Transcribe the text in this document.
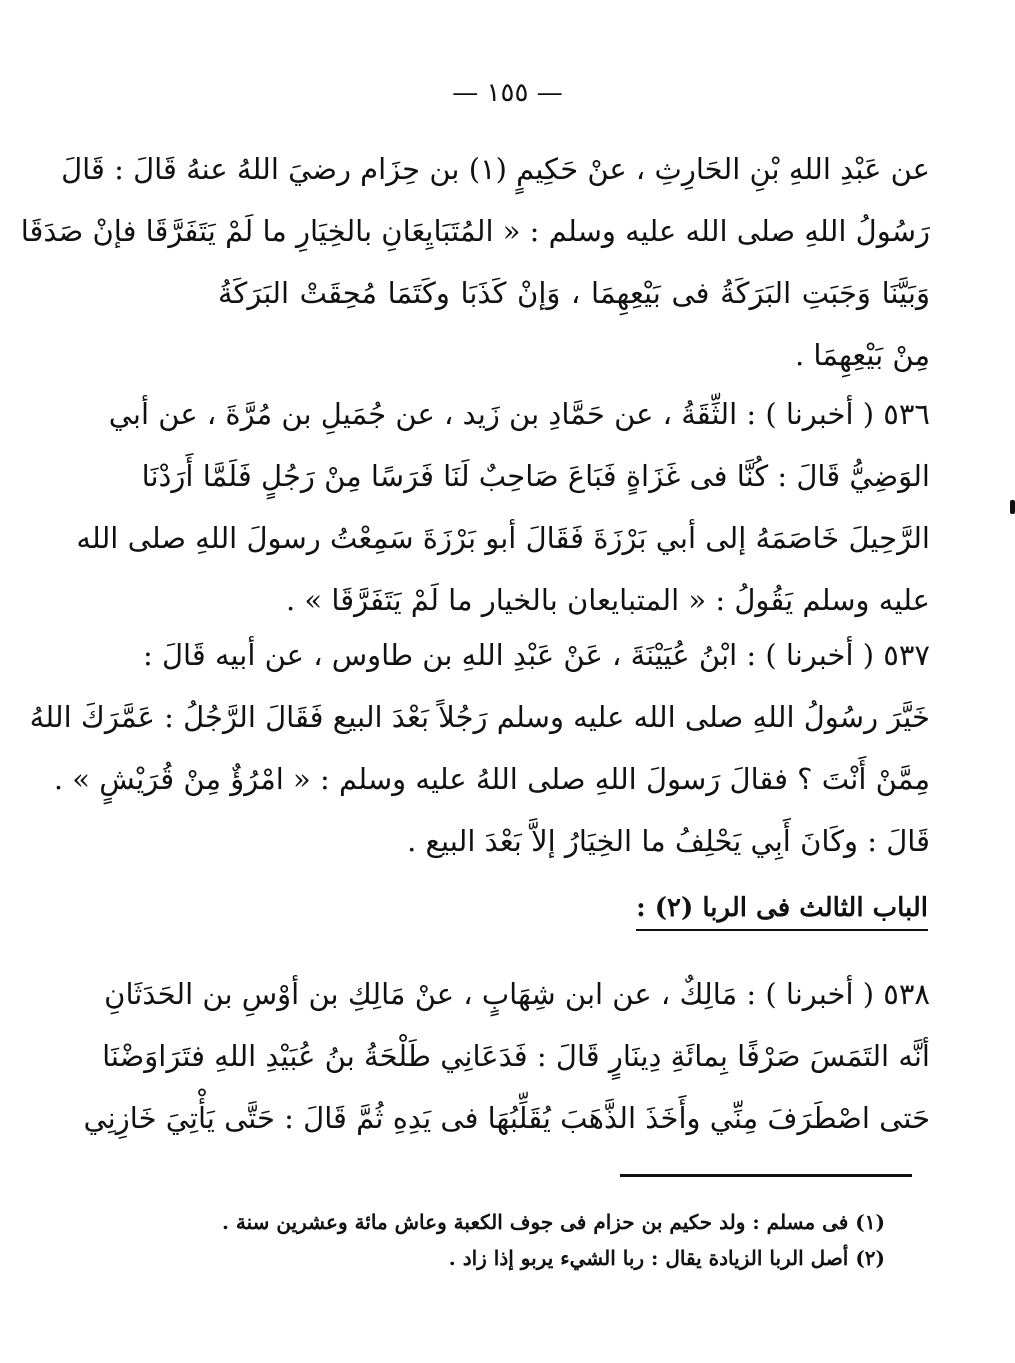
— ١٥٥ —
عن عَبْدِ اللهِ بْنِ الحَارِثِ ، عنْ حَكِيمٍ (١) بن حِزَام رضيَ اللهُ عنهُ قَالَ : قَالَ
رَسُولُ اللهِ صلى الله عليه وسلم : « المُتَبَايِعَانِ بالخِيَارِ ما لَمْ يَتَفَرَّقَا فإنْ صَدَقَا
وَبَيَّنَا وَجَبَتِ البَرَكَةُ فى بَيْعِهِمَا ، وَإنْ كَذَبَا وكَتَمَا مُحِقَتْ البَرَكَةُ
مِنْ بَيْعِهِمَا .
٥٣٦ ( أخبرنا ) : الثِّقَةُ ، عن حَمَّادِ بن زَيد ، عن جُمَيلِ بن مُرَّةَ ، عن أبي
الوَضِيُّ قَالَ : كُنَّا فى غَزَاةٍ فَبَاعَ صَاحِبٌ لَنَا فَرَسًا مِنْ رَجُلٍ فَلَمَّا أَرَدْنَا
الرَّحِيلَ خَاصَمَهُ إلى أبي بَرْزَةَ فَقَالَ أبو بَرْزَةَ سَمِعْتُ رسولَ اللهِ صلى الله
عليه وسلم يَقُولُ : « المتبايعان بالخيار ما لَمْ يَتَفَرَّقَا » .
٥٣٧ ( أخبرنا ) : ابْنُ عُيَيْنَةَ ، عَنْ عَبْدِ اللهِ بن طاوس ، عن أبيه قَالَ :
خَيَّرَ رسُولُ اللهِ صلى الله عليه وسلم رَجُلاً بَعْدَ البيع فَقَالَ الرَّجُلُ : عَمَّرَكَ اللهُ
مِمَّنْ أَنْتَ ؟ فقالَ رَسولَ اللهِ صلى اللهُ عليه وسلم : « امْرُؤٌ مِنْ قُرَيْشٍ » .
قَالَ : وكَانَ أَبِي يَحْلِفُ ما الخِيَارُ إلاَّ بَعْدَ البيع .
الباب الثالث فى الربا (٢) :
٥٣٨ ( أخبرنا ) : مَالِكٌ ، عن ابن شِهَابٍ ، عنْ مَالِكِ بن أوْسِ بن الحَدَثَانِ
أنَّه التَمَسَ صَرْفًا بِمائَةِ دِينَارٍ قَالَ : فَدَعَانِي طَلْحَةُ بنُ عُبَيْدِ اللهِ فتَرَاوَضْنَا
حَتى اصْطَرَفَ مِنِّي وأَخَذَ الذَّهَبَ يُقَلِّبُهَا فى يَدِهِ ثُمَّ قَالَ : حَتَّى يَأْتِيَ خَازِنِي
(١) فى مسلم : ولد حكيم بن حزام فى جوف الكعبة وعاش مائة وعشرين سنة .
(٢) أصل الربا الزيادة يقال : ربا الشيء يربو إذا زاد .
